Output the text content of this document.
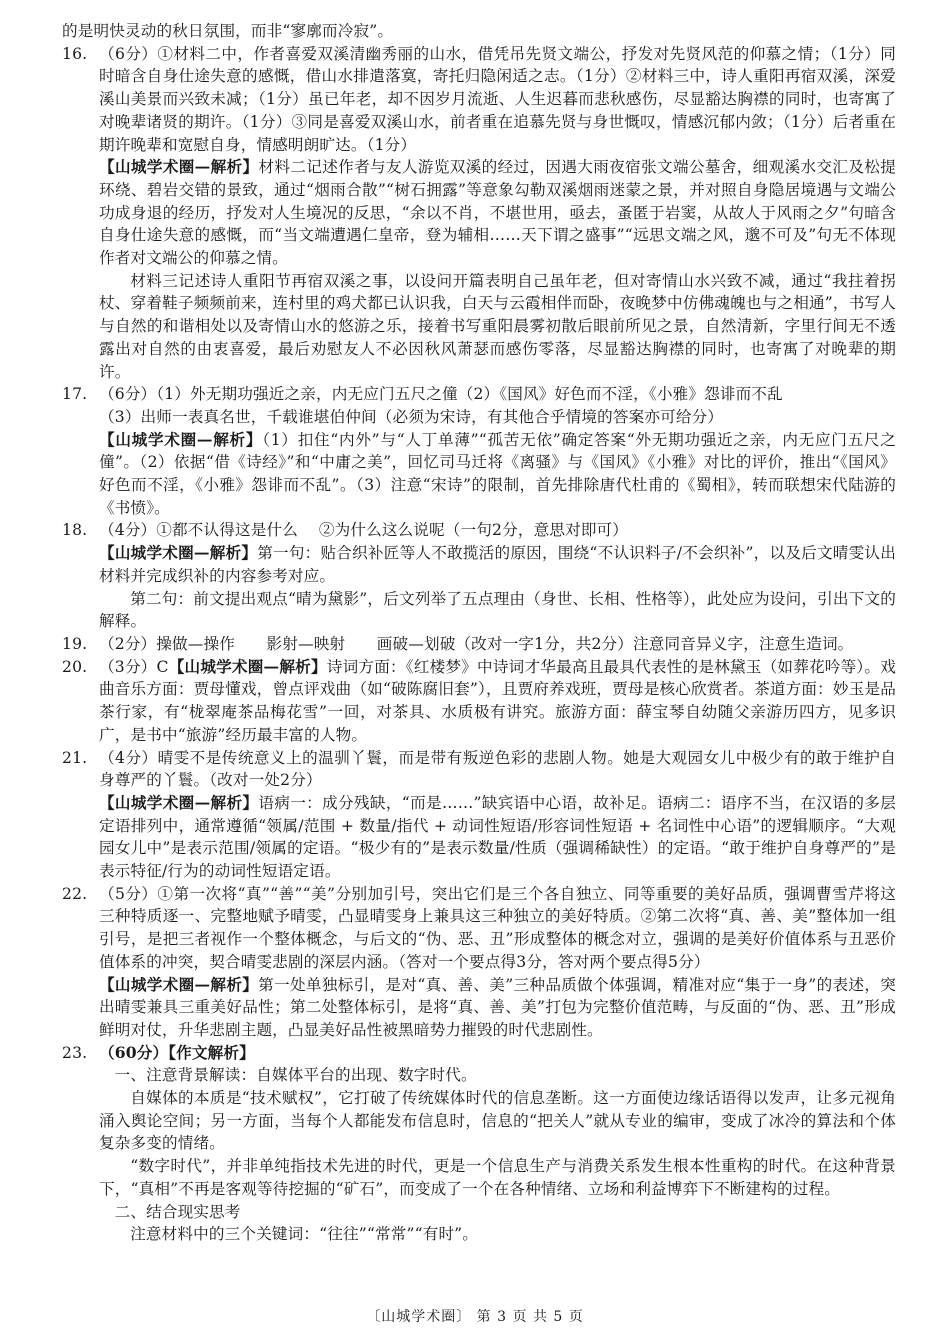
的是明快灵动的秋日氛围，而非“寥廓而冷寂”。

16. （6分）①材料二中，作者喜爱双溪清幽秀丽的山水，借凭吊先贤文端公，抒发对先贤风范的仰慕之情；（1分）同时暗含自身仕途失意的感慨，借山水排遣落寞，寄托归隐闲适之志。（1分）②材料三中，诗人重阳再宿双溪，深爱溪山美景而兴致未减；（1分）虽已年老，却不因岁月流逝、人生迟暮而悲秋感伤，尽显豁达胸襟的同时，也寄寓了对晚辈诸贤的期许。（1分）③同是喜爱双溪山水，前者重在追慕先贤与身世慨叹，情感沉郁内敛；（1分）后者重在期许晚辈和宽慰自身，情感明朗旷达。（1分）

【山城学术圈—解析】材料二记述作者与友人游览双溪的经过，因遇大雨夜宿张文端公墓舍，细观溪水交汇及松提环绕、碧岩交错的景致，通过“烟雨合散”“树石拥露”等意象勾勒双溪烟雨迷蒙之景，并对照自身隐居境遇与文端公功成身退的经历，抒发对人生境况的反思，“余以不肖，不堪世用，亟去，蚤匿于岩窦，从故人于风雨之夕”句暗含自身仕途失意的感慨，而“当文端遭遇仁皇帝，登为辅相……天下谓之盛事”“远思文端之风，邈不可及”句无不体现作者对文端公的仰慕之情。

材料三记述诗人重阳节再宿双溪之事，以设问开篇表明自己虽年老，但对寄情山水兴致不减，通过“我拄着拐杖、穿着鞋子频频前来，连村里的鸡犬都已认识我，白天与云霞相伴而卧，夜晚梦中仿佛魂魄也与之相通”，书写人与自然的和谐相处以及寄情山水的悠游之乐，接着书写重阳晨雾初散后眼前所见之景，自然清新，字里行间无不透露出对自然的由衷喜爱，最后劝慰友人不必因秋风萧瑟而感伤零落，尽显豁达胸襟的同时，也寄寓了对晚辈的期许。

17. （6分）（1）外无期功强近之亲，内无应门五尺之僮（2）《国风》好色而不淫，《小雅》怨诽而不乱

（3）出师一表真名世，千载谁堪伯仲间（必须为宋诗，有其他合乎情境的答案亦可给分）

【山城学术圈—解析】（1）扣住“内外”与“人丁单薄”“孤苦无依”确定答案“外无期功强近之亲，内无应门五尺之僮”。（2）依据“借《诗经》”和“中庸之美”，回忆司马迁将《离骚》与《国风》《小雅》对比的评价，推出“《国风》好色而不淫，《小雅》怨诽而不乱”。（3）注意“宋诗”的限制，首先排除唐代杜甫的《蜀相》，转而联想宋代陆游的《书愤》。

18. （4分）①都不认得这是什么　 ②为什么这么说呢（一句2分，意思对即可）

【山城学术圈—解析】第一句：贴合织补匠等人不敢揽活的原因，围绕“不认识料子/不会织补”，以及后文晴雯认出材料并完成织补的内容参考对应。

第二句：前文提出观点“晴为黛影”，后文列举了五点理由（身世、长相、性格等），此处应为设问，引出下文的解释。

19. （2分）操做—操作　　影射—映射　　画破—划破（改对一字1分，共2分）注意同音异义字，注意生造词。

20. （3分）C【山城学术圈—解析】诗词方面：《红楼梦》中诗词才华最高且最具代表性的是林黛玉（如葬花吟等）。戏曲音乐方面：贾母懂戏，曾点评戏曲（如“破陈腐旧套”），且贾府养戏班，贾母是核心欣赏者。茶道方面：妙玉是品茶行家，有“栊翠庵茶品梅花雪”一回，对茶具、水质极有讲究。旅游方面：薛宝琴自幼随父亲游历四方，见多识广，是书中“旅游”经历最丰富的人物。

21. （4分）晴雯不是传统意义上的温驯丫鬟，而是带有叛逆色彩的悲剧人物。她是大观园女儿中极少有的敢于维护自身尊严的丫鬟。（改对一处2分）

【山城学术圈—解析】语病一：成分残缺，“而是……”缺宾语中心语，故补足。语病二：语序不当，在汉语的多层定语排列中，通常遵循“领属/范围 + 数量/指代 + 动词性短语/形容词性短语 + 名词性中心语”的逻辑顺序。“大观园女儿中”是表示范围/领属的定语。“极少有的”是表示数量/性质（强调稀缺性）的定语。“敢于维护自身尊严的”是表示特征/行为的动词性短语定语。

22. （5分）①第一次将“真”“善”“美”分别加引号，突出它们是三个各自独立、同等重要的美好品质，强调曹雪芹将这三种特质逐一、完整地赋予晴雯，凸显晴雯身上兼具这三种独立的美好特质。②第二次将“真、善、美”整体加一组引号，是把三者视作一个整体概念，与后文的“伪、恶、丑”形成整体的概念对立，强调的是美好价值体系与丑恶价值体系的冲突，契合晴雯悲剧的深层内涵。（答对一个要点得3分，答对两个要点得5分）

【山城学术圈—解析】第一处单独标引，是对“真、善、美”三种品质做个体强调，精准对应“集于一身”的表述，突出晴雯兼具三重美好品性；第二处整体标引，是将“真、善、美”打包为完整价值范畴，与反面的“伪、恶、丑”形成鲜明对仗，升华悲剧主题，凸显美好品性被黑暗势力摧毁的时代悲剧性。

23. （60分）【作文解析】

一、注意背景解读：自媒体平台的出现、数字时代。

自媒体的本质是“技术赋权”，它打破了传统媒体时代的信息垄断。这一方面使边缘话语得以发声，让多元视角涌入舆论空间；另一方面，当每个人都能发布信息时，信息的“把关人”就从专业的编审，变成了冰冷的算法和个体复杂多变的情绪。

“数字时代”，并非单纯指技术先进的时代，更是一个信息生产与消费关系发生根本性重构的时代。在这种背景下，“真相”不再是客观等待挖掘的“矿石”，而变成了一个在各种情绪、立场和利益博弈下不断建构的过程。

二、结合现实思考

注意材料中的三个关键词：“往往”“常常”“有时”。

〔山城学术圈〕 第 3 页 共 5 页
